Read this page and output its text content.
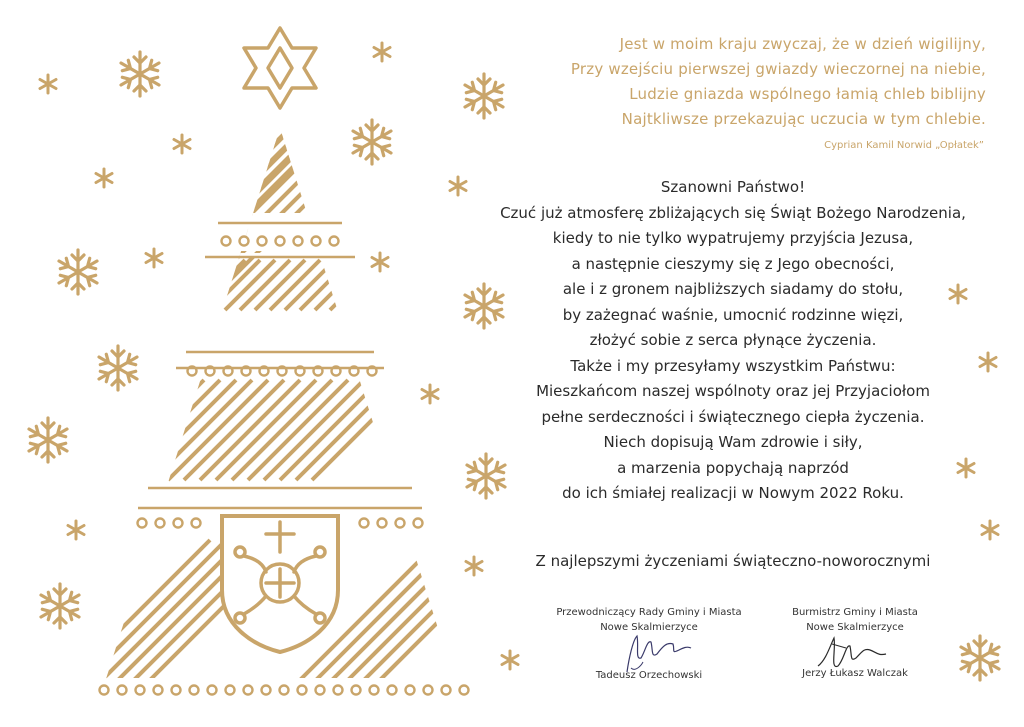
Jest w moim kraju zwyczaj, że w dzień wigilijny,
Przy wzejściu pierwszej gwiazdy wieczornej na niebie,
Ludzie gniazda wspólnego łamią chleb biblijny
Najtkliwsze przekazując uczucia w tym chlebie.
Cyprian Kamil Norwid „Opłatek”
Szanowni Państwo!
Czuć już atmosferę zbliżających się Świąt Bożego Narodzenia,
kiedy to nie tylko wypatrujemy przyjścia Jezusa,
a następnie cieszymy się z Jego obecności,
ale i z gronem najbliższych siadamy do stołu,
by zażegnać waśnie, umocnić rodzinne więzi,
złożyć sobie z serca płynące życzenia.
Także i my przesyłamy wszystkim Państwu:
Mieszkańcom naszej wspólnoty oraz jej Przyjaciołom
pełne serdeczności i świątecznego ciepła życzenia.
Niech dopisują Wam zdrowie i siły,
a marzenia popychają naprzód
do ich śmiałej realizacji w Nowym 2022 Roku.
Z najlepszymi życzeniami świąteczno-noworocznymi
Przewodniczący Rady Gminy i Miasta
Nowe Skalmierzyce
Burmistrz Gminy i Miasta
Nowe Skalmierzyce
Tadeusz Orzechowski	Jerzy Łukasz Walczak
